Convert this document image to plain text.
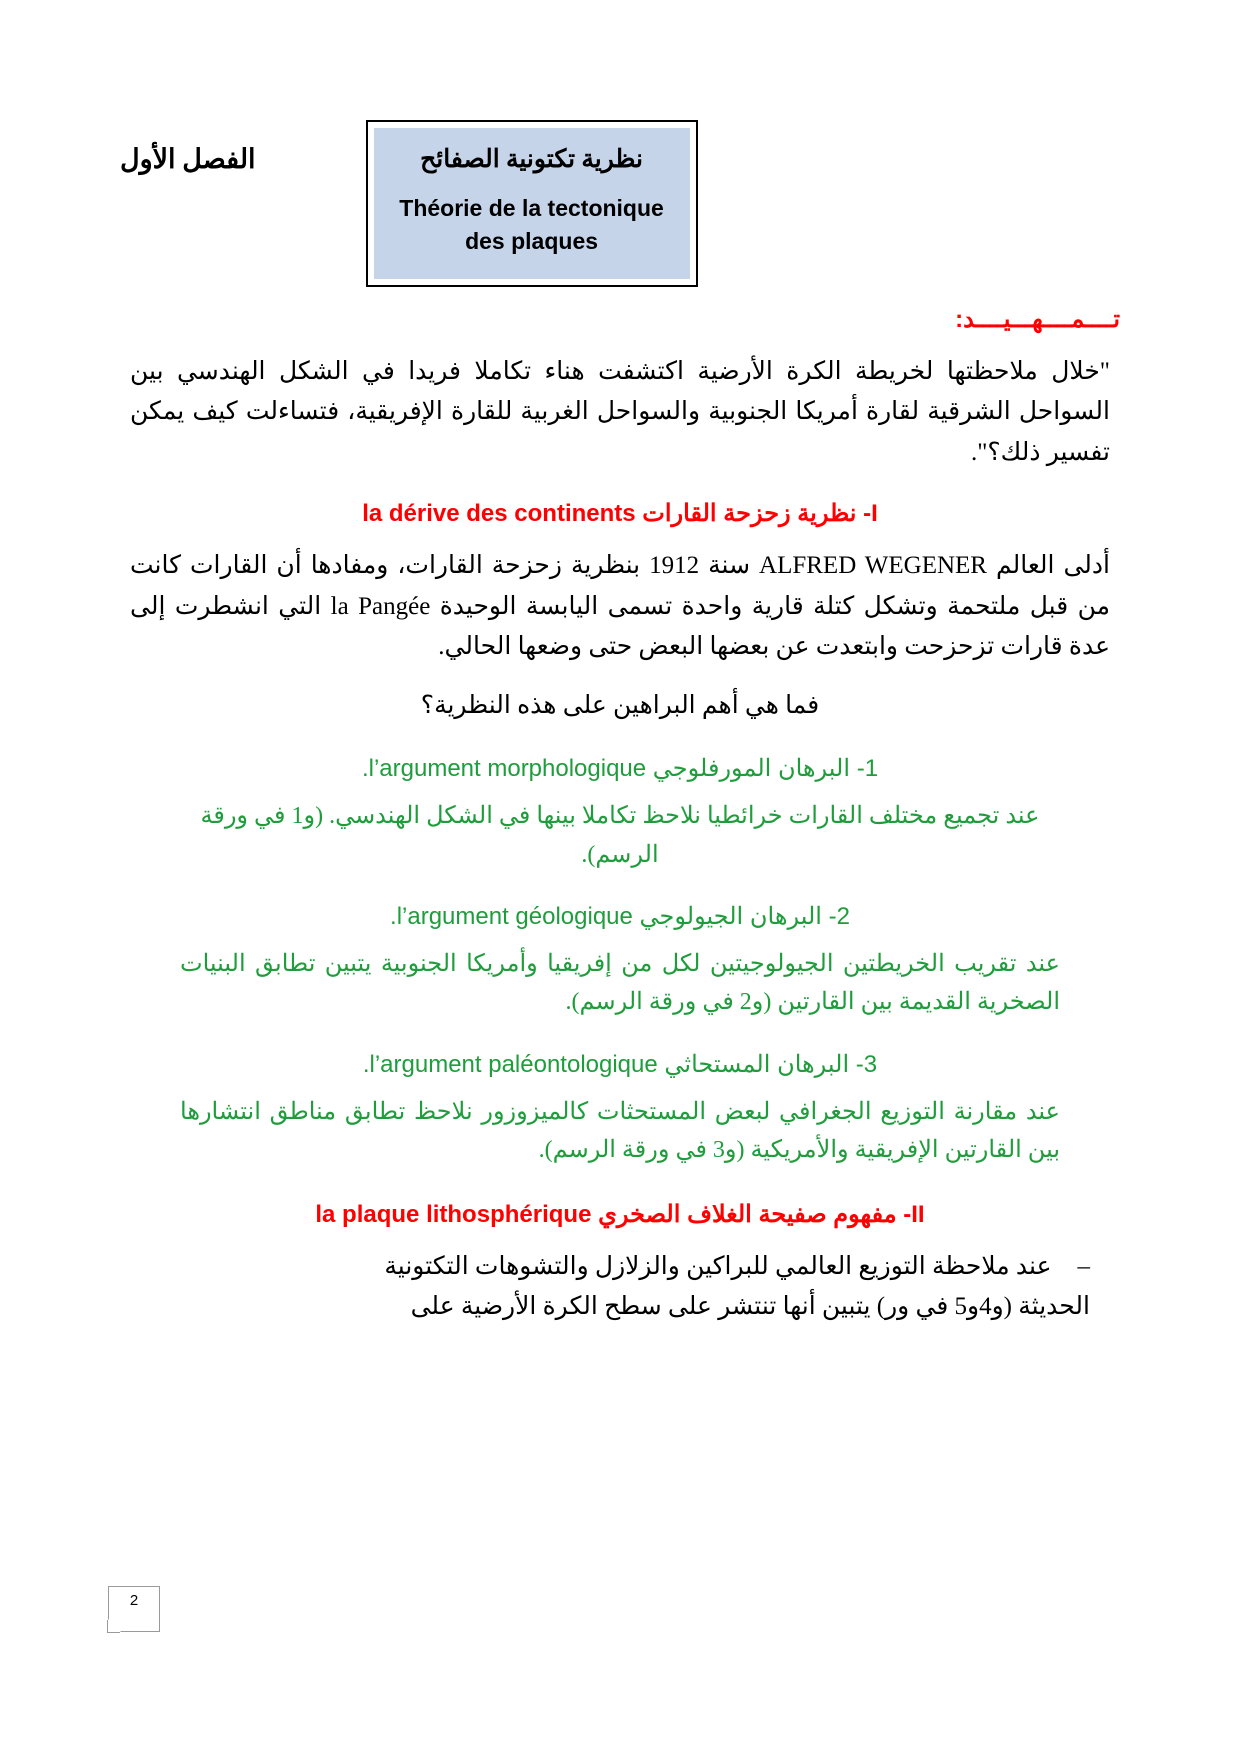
الفصل الأول	نظرية تكتونية الصفائح
Théorie de la tectonique
des plaques
تــــمــــهـــيــــد:
"خلال ملاحظتها لخريطة الكرة الأرضية اكتشفت هناء تكاملا فريدا في الشكل الهندسي بين السواحل الشرقية لقارة أمريكا الجنوبية والسواحل الغربية للقارة الإفريقية، فتساءلت كيف يمكن تفسير ذلك؟".
I- نظرية زحزحة القارات la dérive des continents
أدلى العالم ALFRED WEGENER سنة 1912 بنظرية زحزحة القارات، ومفادها أن القارات كانت من قبل ملتحمة وتشكل كتلة قارية واحدة تسمى اليابسة الوحيدة la Pangée التي انشطرت إلى عدة قارات تزحزحت وابتعدت عن بعضها البعض حتى وضعها الحالي.
فما هي أهم البراهين على هذه النظرية؟
1- البرهان المورفلوجي l’argument morphologique.
عند تجميع مختلف القارات خرائطيا نلاحظ تكاملا بينها في الشكل الهندسي. (و1 في ورقة الرسم).
2- البرهان الجيولوجي l’argument géologique.
عند تقريب الخريطتين الجيولوجيتين لكل من إفريقيا وأمريكا الجنوبية يتبين تطابق البنيات الصخرية القديمة بين القارتين (و2 في ورقة الرسم).
3- البرهان المستحاثي l’argument paléontologique.
عند مقارنة التوزيع الجغرافي لبعض المستحثات كالميزوزور نلاحظ تطابق مناطق انتشارها بين القارتين الإفريقية والأمريكية (و3 في ورقة الرسم).
II- مفهوم صفيحة الغلاف الصخري la plaque lithosphérique
–
عند ملاحظة التوزيع العالمي للبراكين والزلازل والتشوهات التكتونية
الحديثة (و4و5 في ور) يتبين أنها تنتشر على سطح الكرة الأرضية على
2
